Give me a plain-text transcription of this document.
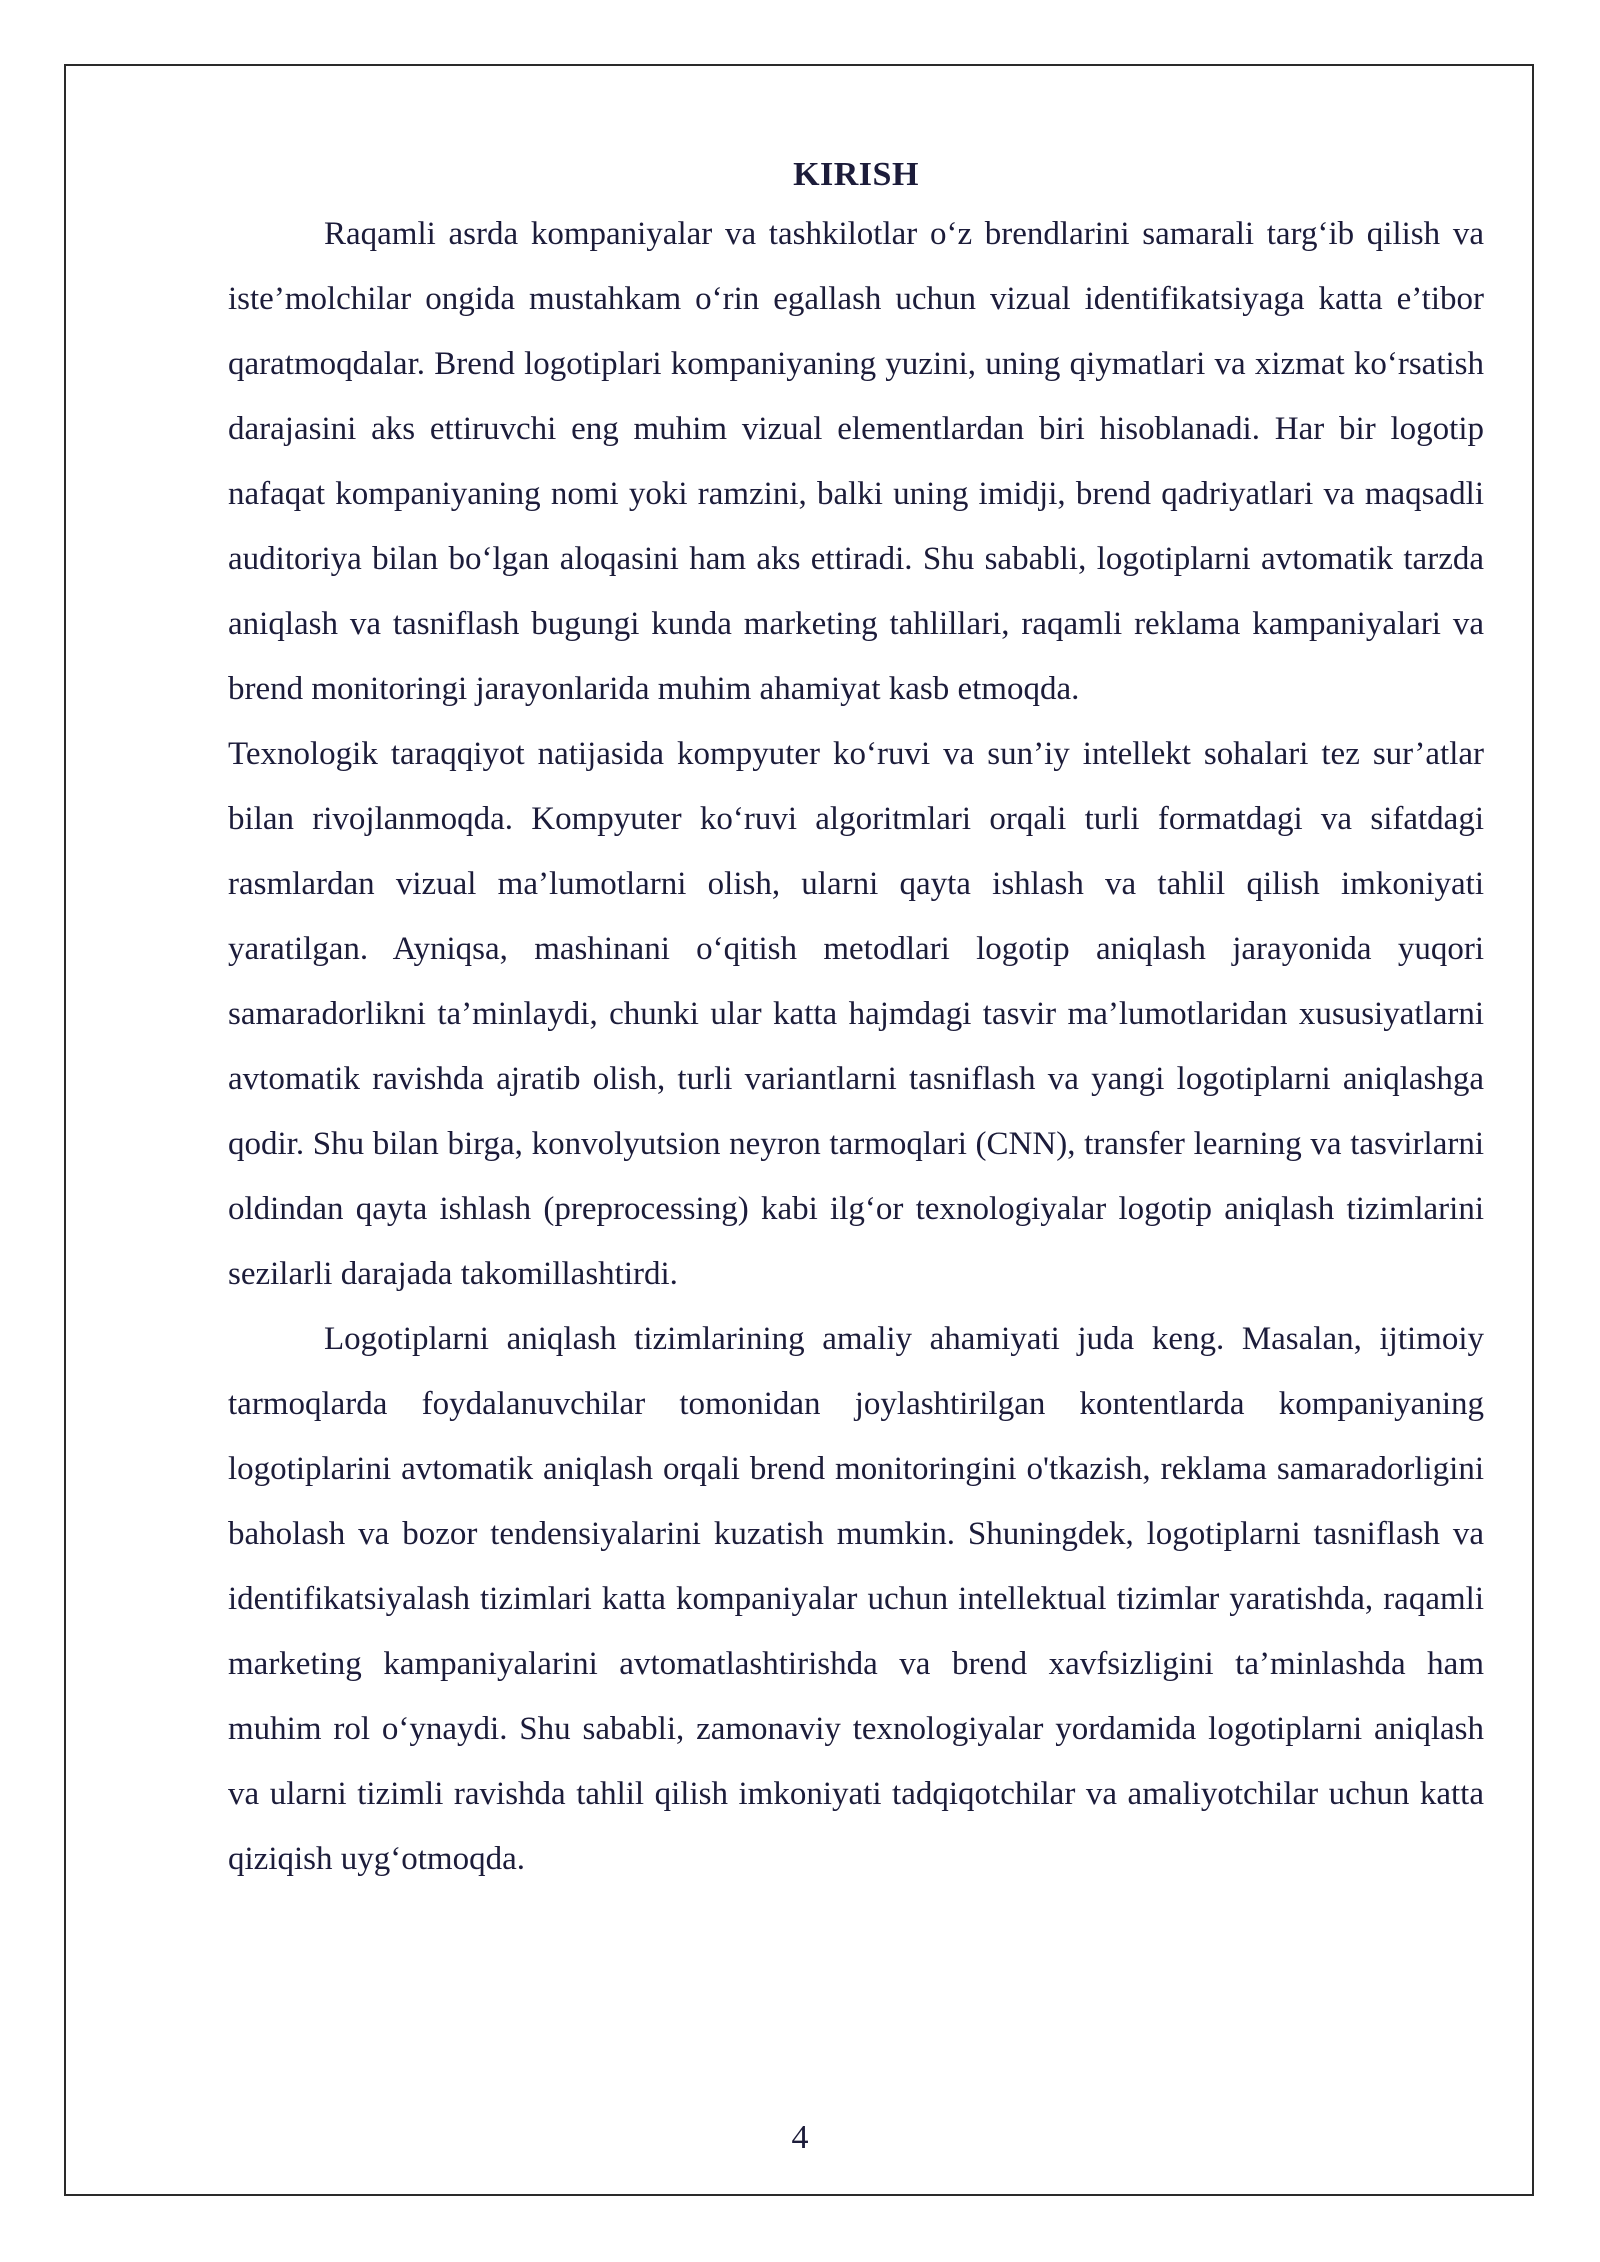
KIRISH

Raqamli asrda kompaniyalar va tashkilotlar o‘z brendlarini samarali targ‘ib qilish va iste’molchilar ongida mustahkam o‘rin egallash uchun vizual identifikatsiyaga katta e’tibor qaratmoqdalar. Brend logotiplari kompaniyaning yuzini, uning qiymatlari va xizmat ko‘rsatish darajasini aks ettiruvchi eng muhim vizual elementlardan biri hisoblanadi. Har bir logotip nafaqat kompaniyaning nomi yoki ramzini, balki uning imidji, brend qadriyatlari va maqsadli auditoriya bilan bo‘lgan aloqasini ham aks ettiradi. Shu sababli, logotiplarni avtomatik tarzda aniqlash va tasniflash bugungi kunda marketing tahlillari, raqamli reklama kampaniyalari va brend monitoringi jarayonlarida muhim ahamiyat kasb etmoqda.

Texnologik taraqqiyot natijasida kompyuter ko‘ruvi va sun’iy intellekt sohalari tez sur’atlar bilan rivojlanmoqda. Kompyuter ko‘ruvi algoritmlari orqali turli formatdagi va sifatdagi rasmlardan vizual ma’lumotlarni olish, ularni qayta ishlash va tahlil qilish imkoniyati yaratilgan. Ayniqsa, mashinani o‘qitish metodlari logotip aniqlash jarayonida yuqori samaradorlikni ta’minlaydi, chunki ular katta hajmdagi tasvir ma’lumotlaridan xususiyatlarni avtomatik ravishda ajratib olish, turli variantlarni tasniflash va yangi logotiplarni aniqlashga qodir. Shu bilan birga, konvolyutsion neyron tarmoqlari (CNN), transfer learning va tasvirlarni oldindan qayta ishlash (preprocessing) kabi ilg‘or texnologiyalar logotip aniqlash tizimlarini sezilarli darajada takomillashtirdi.

Logotiplarni aniqlash tizimlarining amaliy ahamiyati juda keng. Masalan, ijtimoiy tarmoqlarda foydalanuvchilar tomonidan joylashtirilgan kontentlarda kompaniyaning logotiplarini avtomatik aniqlash orqali brend monitoringini o'tkazish, reklama samaradorligini baholash va bozor tendensiyalarini kuzatish mumkin. Shuningdek, logotiplarni tasniflash va identifikatsiyalash tizimlari katta kompaniyalar uchun intellektual tizimlar yaratishda, raqamli marketing kampaniyalarini avtomatlashtirishda va brend xavfsizligini ta’minlashda ham muhim rol o‘ynaydi. Shu sababli, zamonaviy texnologiyalar yordamida logotiplarni aniqlash va ularni tizimli ravishda tahlil qilish imkoniyati tadqiqotchilar va amaliyotchilar uchun katta qiziqish uyg‘otmoqda.

4
